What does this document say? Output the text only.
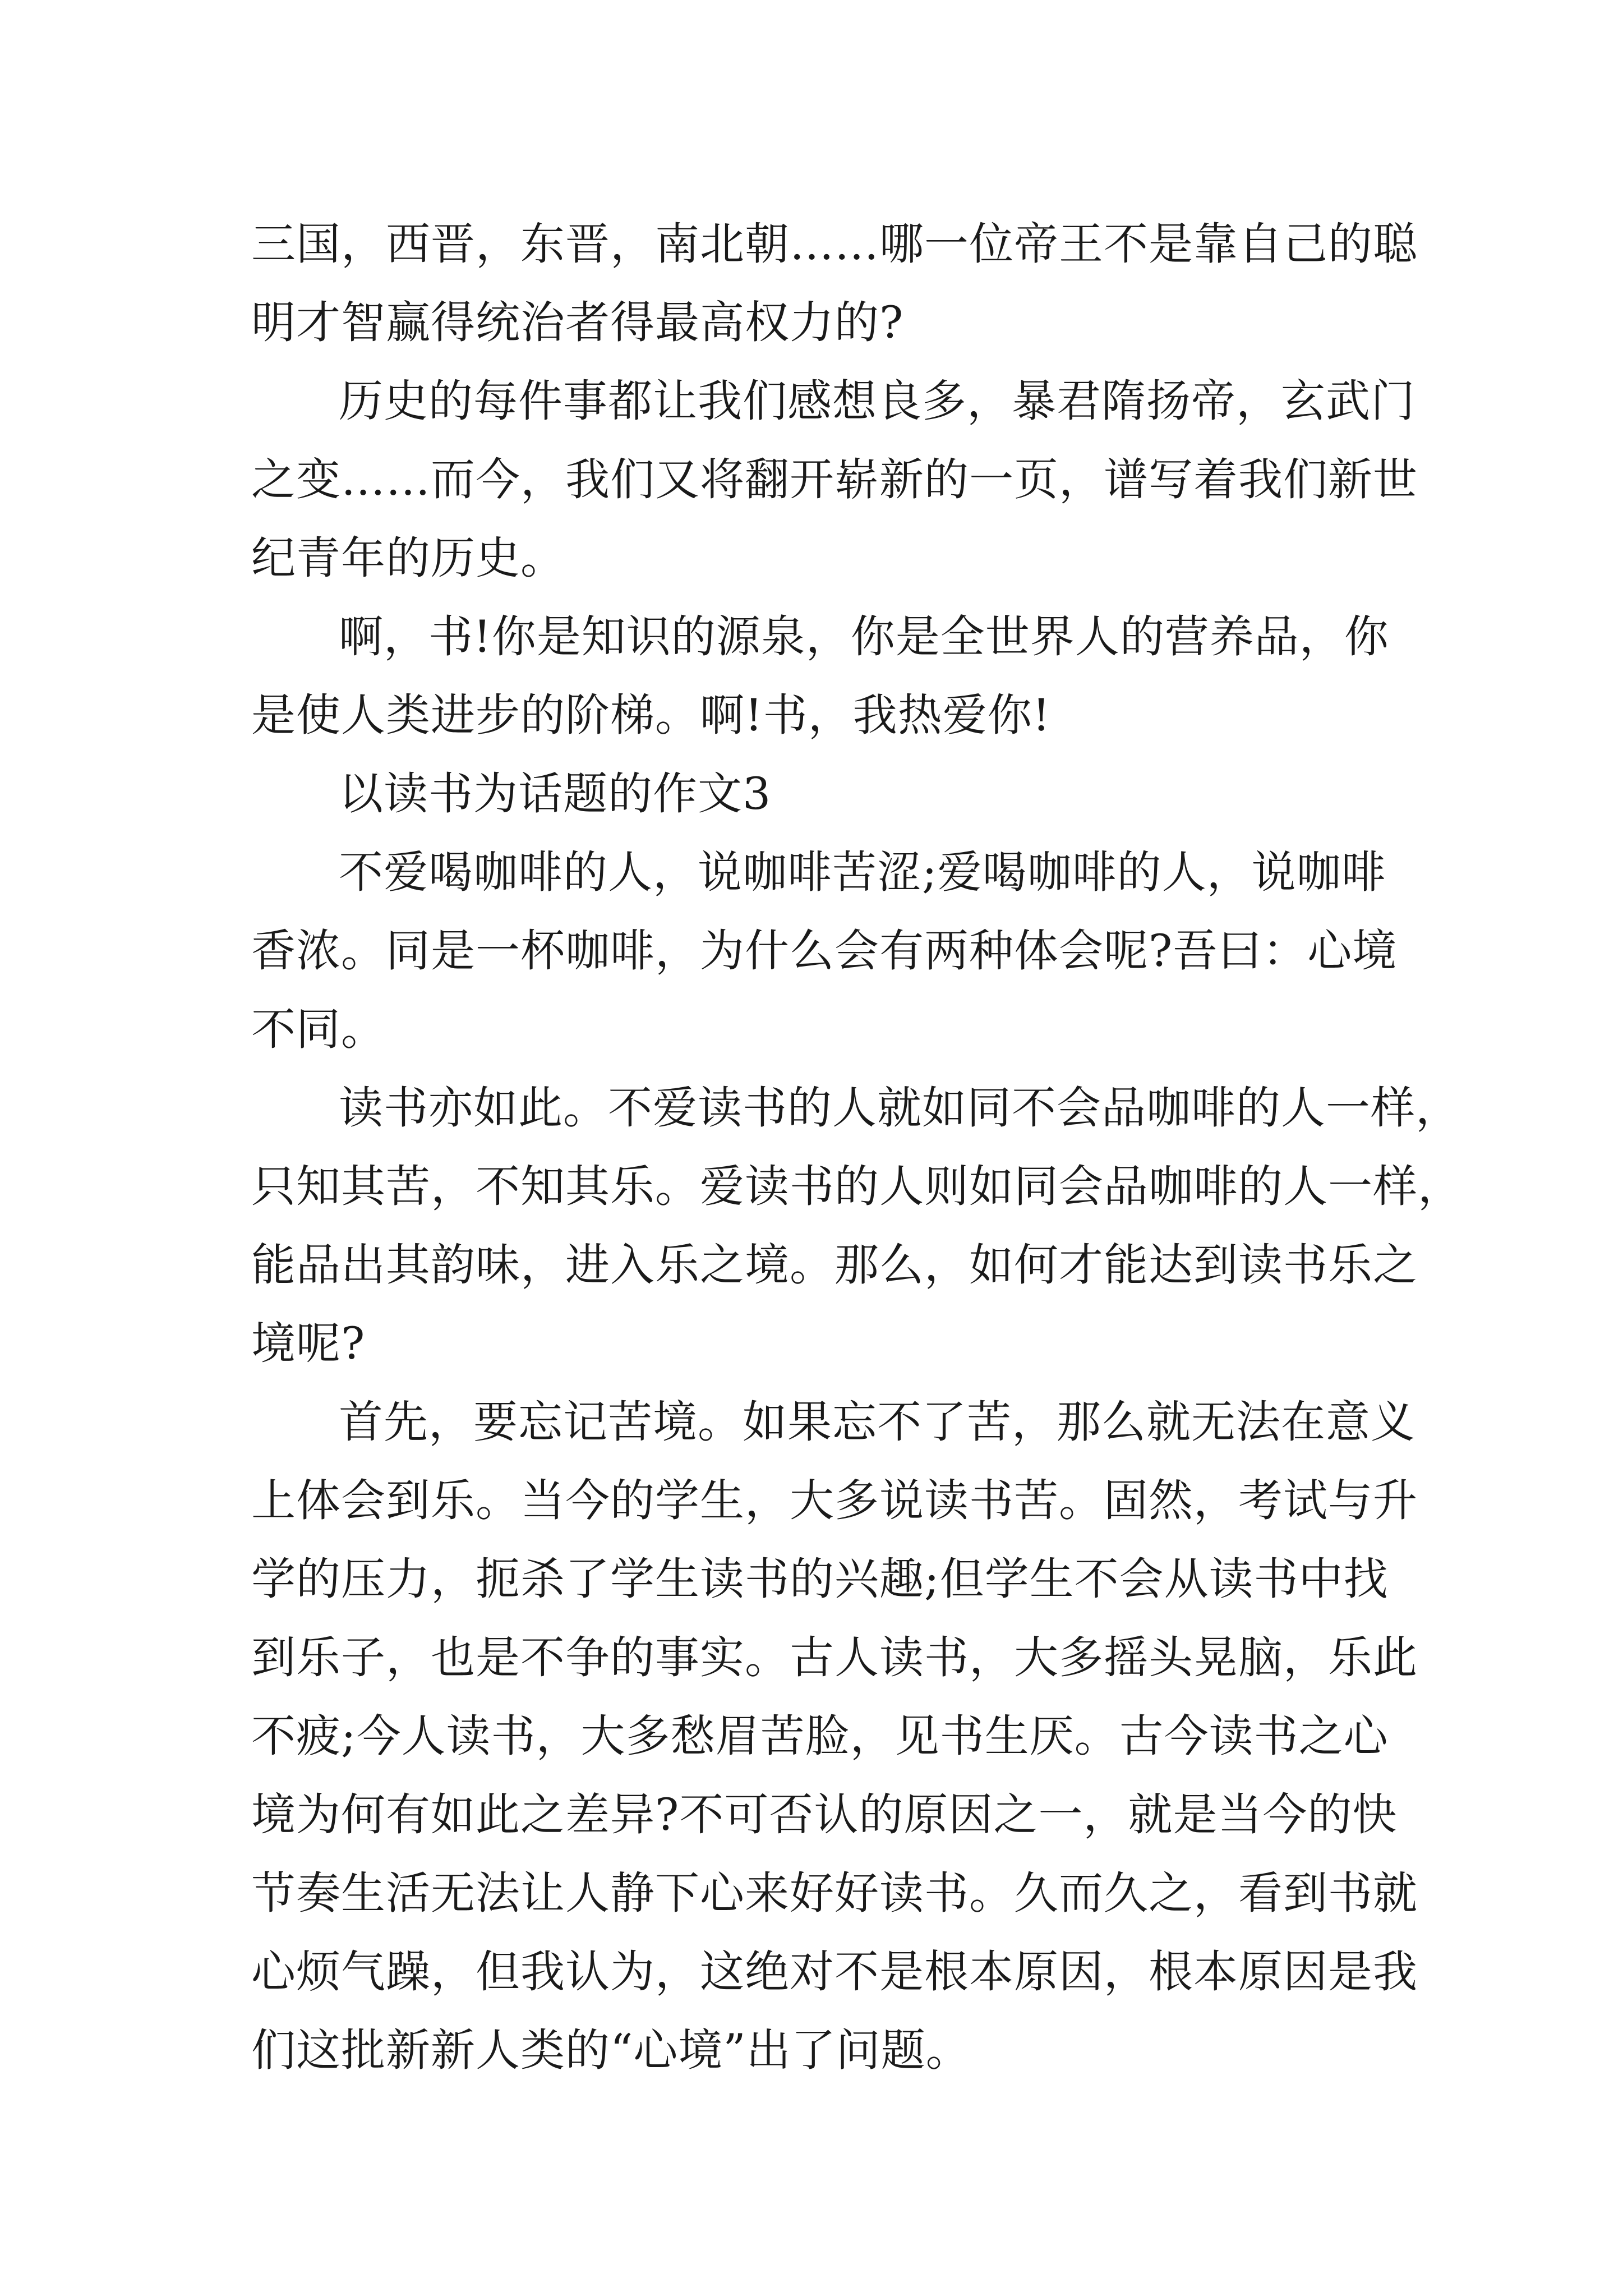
三国，西晋，东晋，南北朝……哪一位帝王不是靠自己的聪

明才智赢得统治者得最高权力的?

历史的每件事都让我们感想良多，暴君隋扬帝，玄武门

之变……而今，我们又将翻开崭新的一页，谱写着我们新世

纪青年的历史。

啊，书!你是知识的源泉，你是全世界人的营养品，你

是使人类进步的阶梯。啊!书，我热爱你!

以读书为话题的作文3

不爱喝咖啡的人，说咖啡苦涩;爱喝咖啡的人，说咖啡

香浓。同是一杯咖啡，为什么会有两种体会呢?吾曰：心境

不同。

读书亦如此。不爱读书的人就如同不会品咖啡的人一样，

只知其苦，不知其乐。爱读书的人则如同会品咖啡的人一样，

能品出其韵味，进入乐之境。那么，如何才能达到读书乐之

境呢?

首先，要忘记苦境。如果忘不了苦，那么就无法在意义

上体会到乐。当今的学生，大多说读书苦。固然，考试与升

学的压力，扼杀了学生读书的兴趣;但学生不会从读书中找

到乐子，也是不争的事实。古人读书，大多摇头晃脑，乐此

不疲;今人读书，大多愁眉苦脸，见书生厌。古今读书之心

境为何有如此之差异?不可否认的原因之一，就是当今的快

节奏生活无法让人静下心来好好读书。久而久之，看到书就

心烦气躁，但我认为，这绝对不是根本原因，根本原因是我

们这批新新人类的“心境”出了问题。
